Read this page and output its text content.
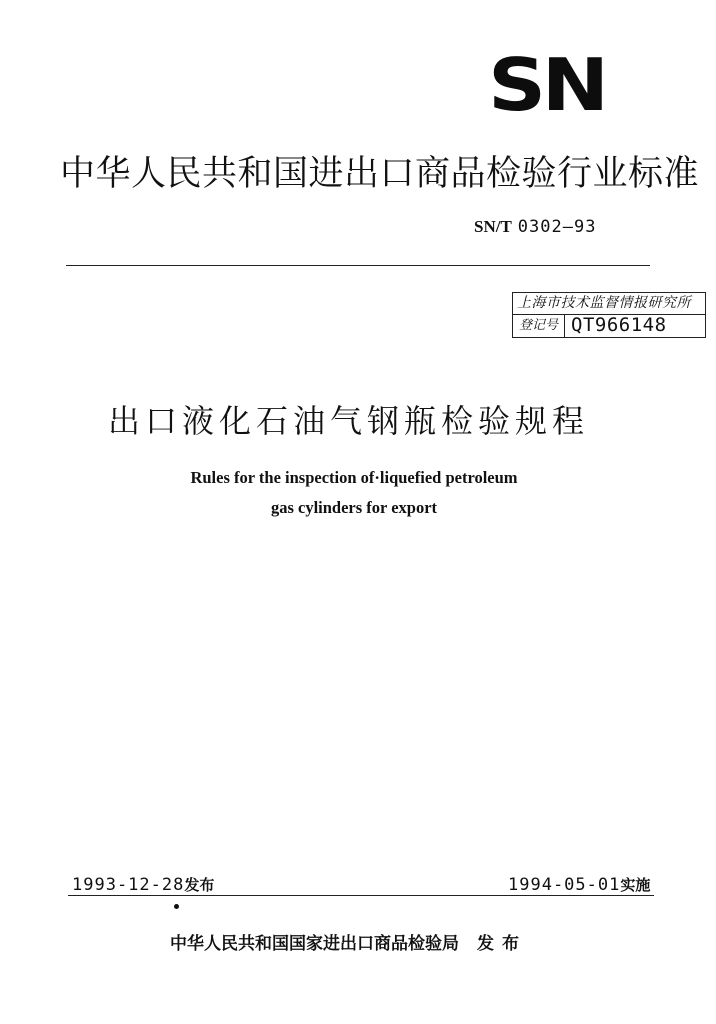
SN
中华人民共和国进出口商品检验行业标准
SN/T 0302—93
上海市技术监督情报研究所
登记号 QT966148
出口液化石油气钢瓶检验规程
Rules for the inspection of·liquefied petroleum
gas cylinders for export
1993-12-28发布	1994-05-01实施
中华人民共和国国家进出口商品检验局 发布
